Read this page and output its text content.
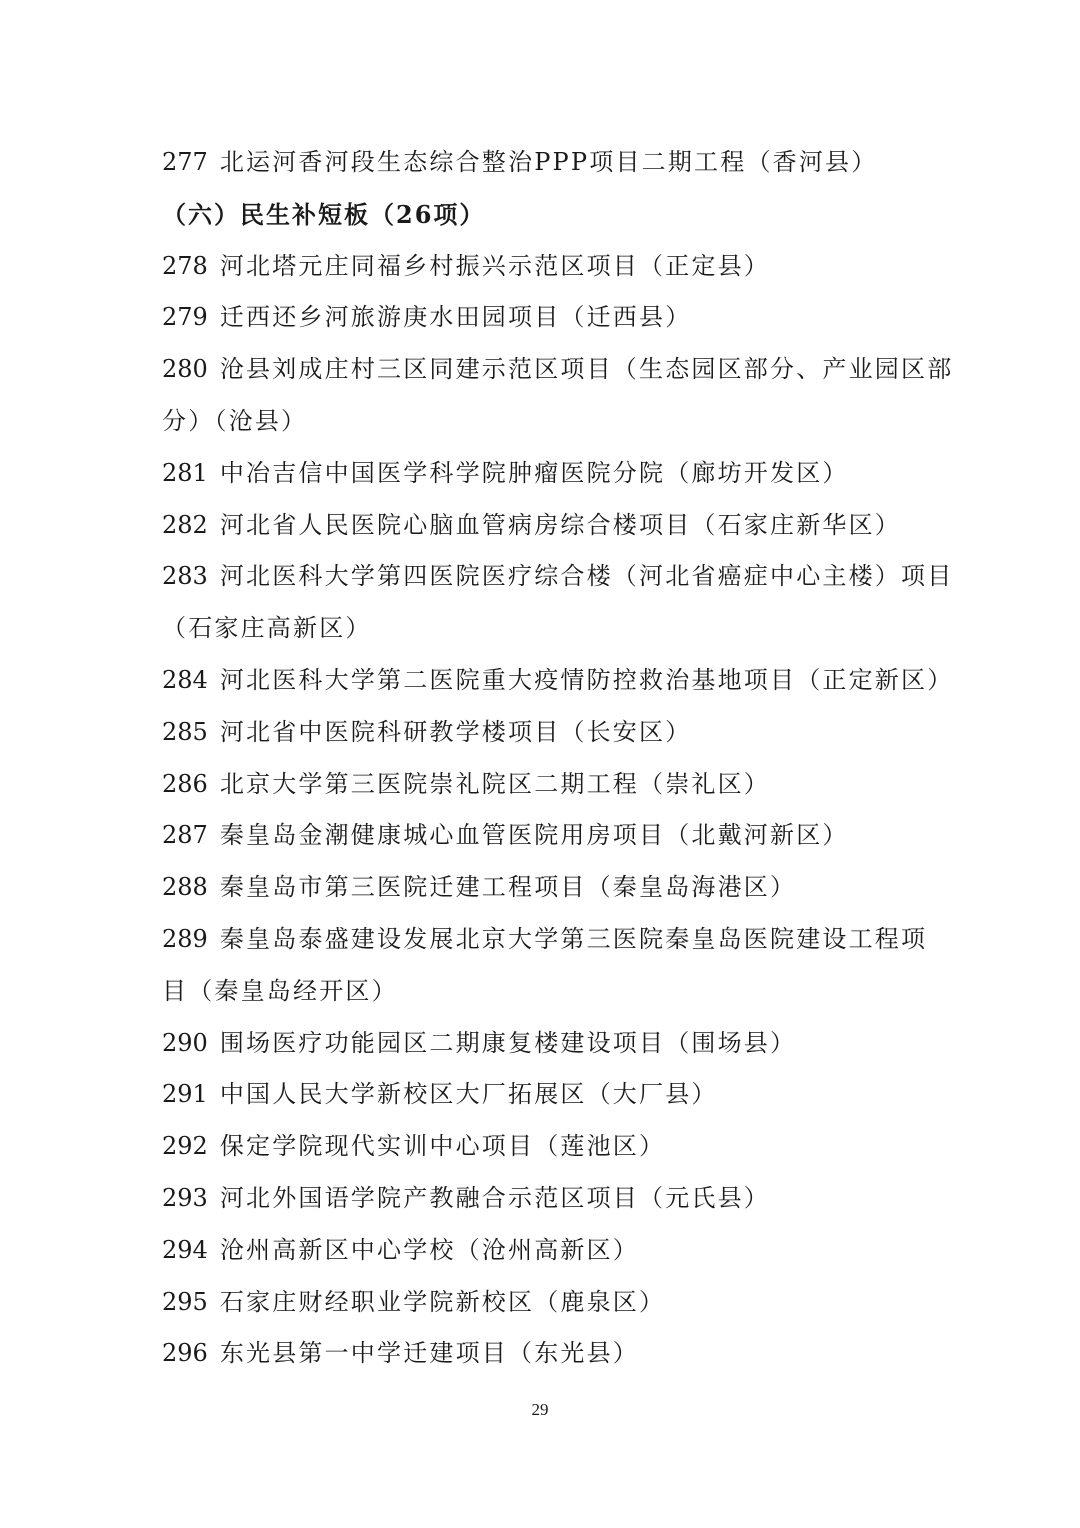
277 北运河香河段生态综合整治PPP项目二期工程（香河县）
（六）民生补短板（26项）
278 河北塔元庄同福乡村振兴示范区项目（正定县）
279 迁西还乡河旅游庚水田园项目（迁西县）
280 沧县刘成庄村三区同建示范区项目（生态园区部分、产业园区部
分）（沧县）
281 中冶吉信中国医学科学院肿瘤医院分院（廊坊开发区）
282 河北省人民医院心脑血管病房综合楼项目（石家庄新华区）
283 河北医科大学第四医院医疗综合楼（河北省癌症中心主楼）项目
（石家庄高新区）
284 河北医科大学第二医院重大疫情防控救治基地项目（正定新区）
285 河北省中医院科研教学楼项目（长安区）
286 北京大学第三医院崇礼院区二期工程（崇礼区）
287 秦皇岛金潮健康城心血管医院用房项目（北戴河新区）
288 秦皇岛市第三医院迁建工程项目（秦皇岛海港区）
289 秦皇岛泰盛建设发展北京大学第三医院秦皇岛医院建设工程项
目（秦皇岛经开区）
290 围场医疗功能园区二期康复楼建设项目（围场县）
291 中国人民大学新校区大厂拓展区（大厂县）
292 保定学院现代实训中心项目（莲池区）
293 河北外国语学院产教融合示范区项目（元氏县）
294 沧州高新区中心学校（沧州高新区）
295 石家庄财经职业学院新校区（鹿泉区）
296 东光县第一中学迁建项目（东光县）
29
